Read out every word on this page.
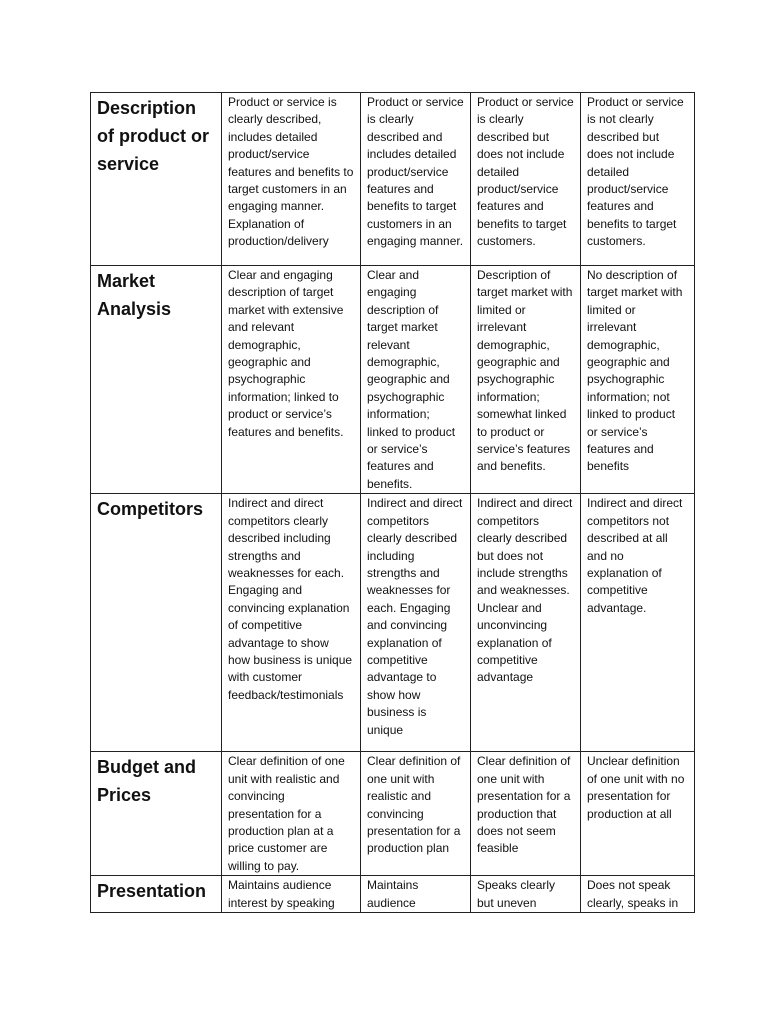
Description of product or service	Product or service is clearly described, includes detailed product/service features and benefits to target customers in an engaging manner. Explanation of production/delivery	Product or service is clearly described and includes detailed product/service features and benefits to target customers in an engaging manner.	Product or service is clearly described but does not include detailed product/service features and benefits to target customers.	Product or service is not clearly described but does not include detailed product/service features and benefits to target customers.

Market Analysis	Clear and engaging description of target market with extensive and relevant demographic, geographic and psychographic information; linked to product or service’s features and benefits.	Clear and engaging description of target market relevant demographic, geographic and psychographic information; linked to product or service’s features and benefits.	Description of target market with limited or irrelevant demographic, geographic and psychographic information; somewhat linked to product or service’s features and benefits.	No description of target market with limited or irrelevant demographic, geographic and psychographic information; not linked to product or service’s features and benefits

Competitors	Indirect and direct competitors clearly described including strengths and weaknesses for each. Engaging and convincing explanation of competitive advantage to show how business is unique with customer feedback/testimonials	Indirect and direct competitors clearly described including strengths and weaknesses for each. Engaging and convincing explanation of competitive advantage to show how business is unique	Indirect and direct competitors clearly described but does not include strengths and weaknesses. Unclear and unconvincing explanation of competitive advantage	Indirect and direct competitors not described at all and no explanation of competitive advantage.

Budget and Prices	Clear definition of one unit with realistic and convincing presentation for a production plan at a price customer are willing to pay.	Clear definition of one unit with realistic and convincing presentation for a production plan	Clear definition of one unit with presentation for a production that does not seem feasible	Unclear definition of one unit with no presentation for production at all

Presentation	Maintains audience interest by speaking	Maintains audience	Speaks clearly but uneven	Does not speak clearly, speaks in
